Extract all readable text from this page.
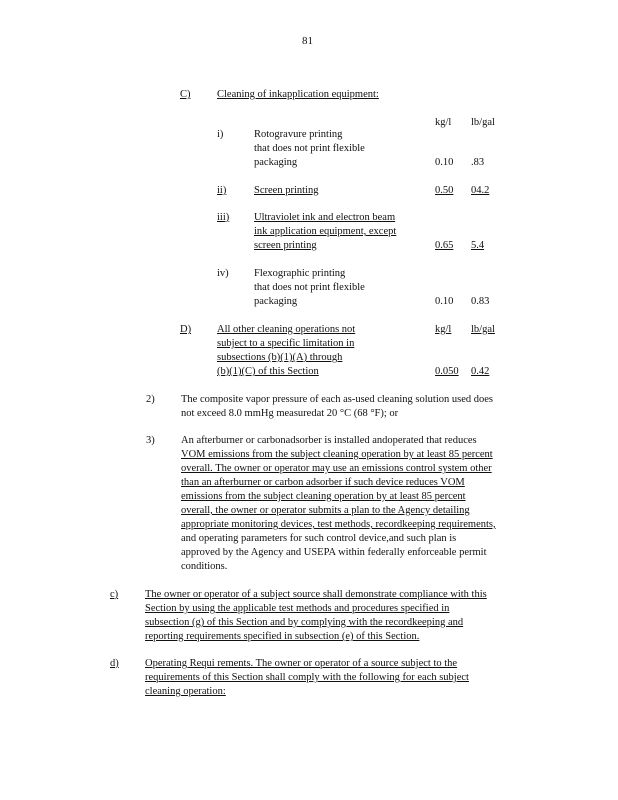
81
C)	Cleaning of inkapplication equipment:
kg/l lb/gal
i)	Rotogravure printing
that does not print flexible
packaging	0.10 .83
ii)	Screen printing	0.50 04.2
iii) Ultraviolet ink and electron beam
ink application equipment, except
screen printing	0.65 5.4
iv) Flexographic printing
that does not print flexible
packaging	0.10 0.83
D) All other cleaning operations not
subject to a specific limitation in
subsections (b)(1)(A) through
(b)(1)(C) of this Section
kg/l lb/gal
0.050 0.42
2)	The composite vapor pressure of each as-used cleaning solution used does
not exceed 8.0 mmHg measuredat 20 °C (68 °F); or
3)	An afterburner or carbonadsorber is installed andoperated that reduces
VOM emissions from the subject cleaning operation by at least 85 percent
overall. The owner or operator may use an emissions control system other
than an afterburner or carbon adsorber if such device reduces VOM
emissions from the subject cleaning operation by at least 85 percent
overall, the owner or operator submits a plan to the Agency detailing
appropriate monitoring devices, test methods, recordkeeping requirements,
and operating parameters for such control device,and such plan is
approved by the Agency and USEPA within federally enforceable permit
conditions.
c)	The owner or operator of a subject source shall demonstrate compliance with this
Section by using the applicable test methods and procedures specified in
subsection (g) of this Section and by complying with the recordkeeping and
reporting requirements specified in subsection (e) of this Section.
d)	Operating Requi rements. The owner or operator of a source subject to the
requirements of this Section shall comply with the following for each subject
cleaning operation:
